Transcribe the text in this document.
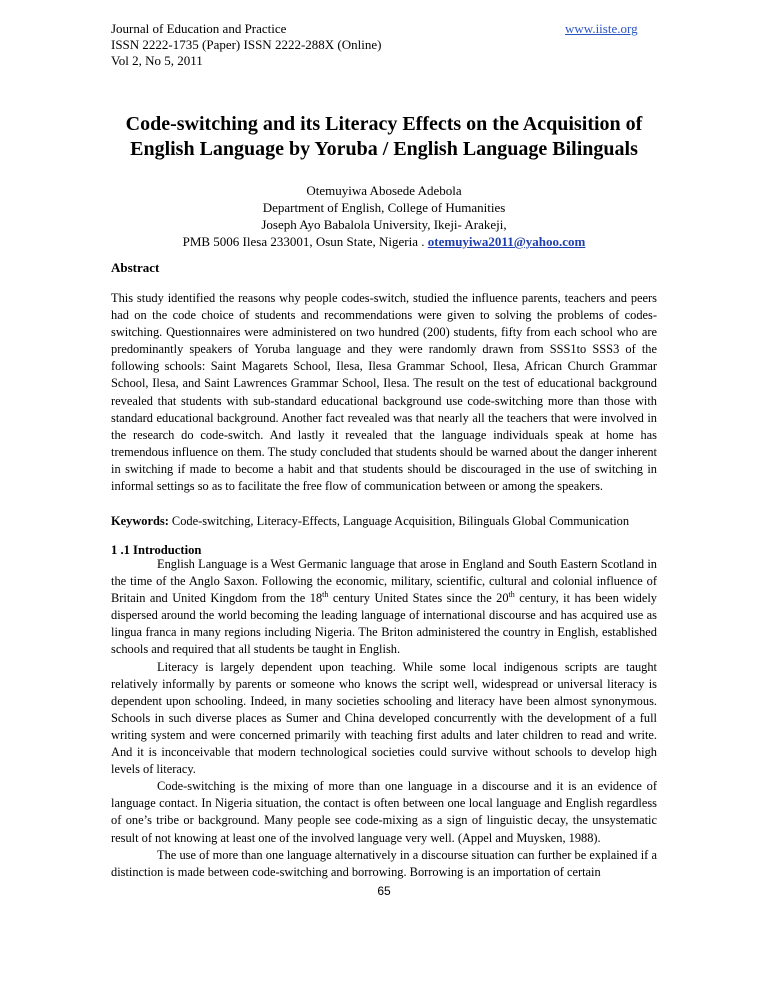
Journal of Education and Practice
ISSN 2222-1735 (Paper) ISSN 2222-288X (Online)
Vol 2, No 5, 2011
www.iiste.org
Code-switching and its Literacy Effects on the Acquisition of
English Language by Yoruba / English Language Bilinguals
Otemuyiwa Abosede Adebola
Department of English, College of Humanities
Joseph Ayo Babalola University, Ikeji- Arakeji,
PMB 5006 Ilesa 233001, Osun State, Nigeria . otemuyiwa2011@yahoo.com
Abstract
This study identified the reasons why people codes-switch, studied the influence parents, teachers and peers had on the code choice of students and recommendations were given to solving the problems of codes-switching. Questionnaires were administered on two hundred (200) students, fifty from each school who are predominantly speakers of Yoruba language and they were randomly drawn from SSS1to SSS3 of the following schools: Saint Magarets School, Ilesa, Ilesa Grammar School, Ilesa, African Church Grammar School, Ilesa, and Saint Lawrences Grammar School, Ilesa. The result on the test of educational background revealed that students with sub-standard educational background use code-switching more than those with standard educational background. Another fact revealed was that nearly all the teachers that were involved in the research do code-switch. And lastly it revealed that the language individuals speak at home has tremendous influence on them. The study concluded that students should be warned about the danger inherent in switching if made to become a habit and that students should be discouraged in the use of switching in informal settings so as to facilitate the free flow of communication between or among the speakers.
Keywords: Code-switching, Literacy-Effects, Language Acquisition, Bilinguals Global Communication
1 .1 Introduction

English Language is a West Germanic language that arose in England and South Eastern Scotland in the time of the Anglo Saxon. Following the economic, military, scientific, cultural and colonial influence of Britain and United Kingdom from the 18th century United States since the 20th century, it has been widely dispersed around the world becoming the leading language of international discourse and has acquired use as lingua franca in many regions including Nigeria. The Briton administered the country in English, established schools and required that all students be taught in English.

Literacy is largely dependent upon teaching. While some local indigenous scripts are taught relatively informally by parents or someone who knows the script well, widespread or universal literacy is dependent upon schooling. Indeed, in many societies schooling and literacy have been almost synonymous. Schools in such diverse places as Sumer and China developed concurrently with the development of a full writing system and were concerned primarily with teaching first adults and later children to read and write. And it is inconceivable that modern technological societies could survive without schools to develop high levels of literacy.

Code-switching is the mixing of more than one language in a discourse and it is an evidence of language contact. In Nigeria situation, the contact is often between one local language and English regardless of one’s tribe or background. Many people see code-mixing as a sign of linguistic decay, the unsystematic result of not knowing at least one of the involved language very well. (Appel and Muysken, 1988).

The use of more than one language alternatively in a discourse situation can further be explained if a distinction is made between code-switching and borrowing. Borrowing is an importation of certain

65
